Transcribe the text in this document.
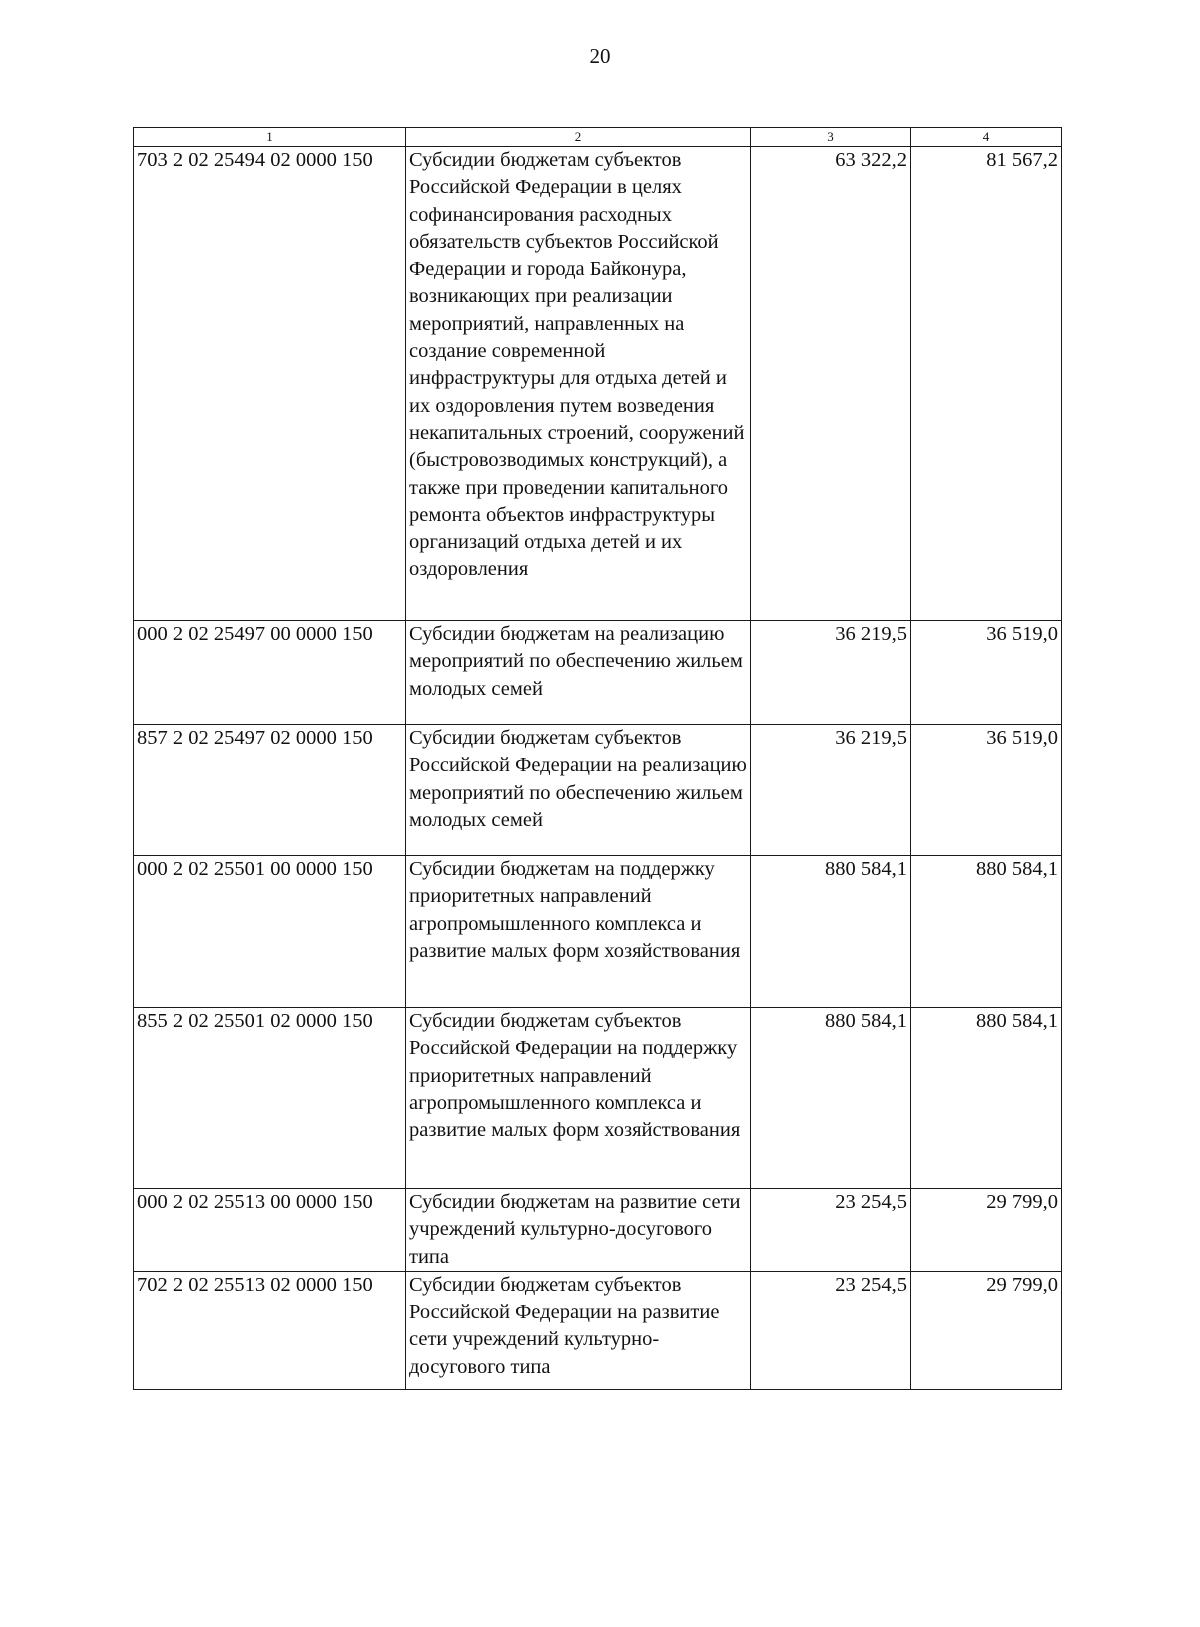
20
1	2	3	4
703 2 02 25494 02 0000 150	Субсидии бюджетам субъектов Российской Федерации в целях софинансирования расходных обязательств субъектов Российской Федерации и города Байконура, возникающих при реализации мероприятий, направленных на создание современной инфраструктуры для отдыха детей и их оздоровления путем возведения некапитальных строений, сооружений (быстровозводимых конструкций), а также при проведении капитального ремонта объектов инфраструктуры организаций отдыха детей и их оздоровления	63 322,2	81 567,2
000 2 02 25497 00 0000 150	Субсидии бюджетам на реализацию мероприятий по обеспечению жильем молодых семей	36 219,5	36 519,0
857 2 02 25497 02 0000 150	Субсидии бюджетам субъектов Российской Федерации на реализацию мероприятий по обеспечению жильем молодых семей	36 219,5	36 519,0
000 2 02 25501 00 0000 150	Субсидии бюджетам на поддержку приоритетных направлений агропромышленного комплекса и развитие малых форм хозяйствования	880 584,1	880 584,1
855 2 02 25501 02 0000 150	Субсидии бюджетам субъектов Российской Федерации на поддержку приоритетных направлений агропромышленного комплекса и развитие малых форм хозяйствования	880 584,1	880 584,1
000 2 02 25513 00 0000 150	Субсидии бюджетам на развитие сети учреждений культурно-досугового типа	23 254,5	29 799,0
702 2 02 25513 02 0000 150	Субсидии бюджетам субъектов Российской Федерации на развитие сети учреждений культурно-досугового типа	23 254,5	29 799,0
